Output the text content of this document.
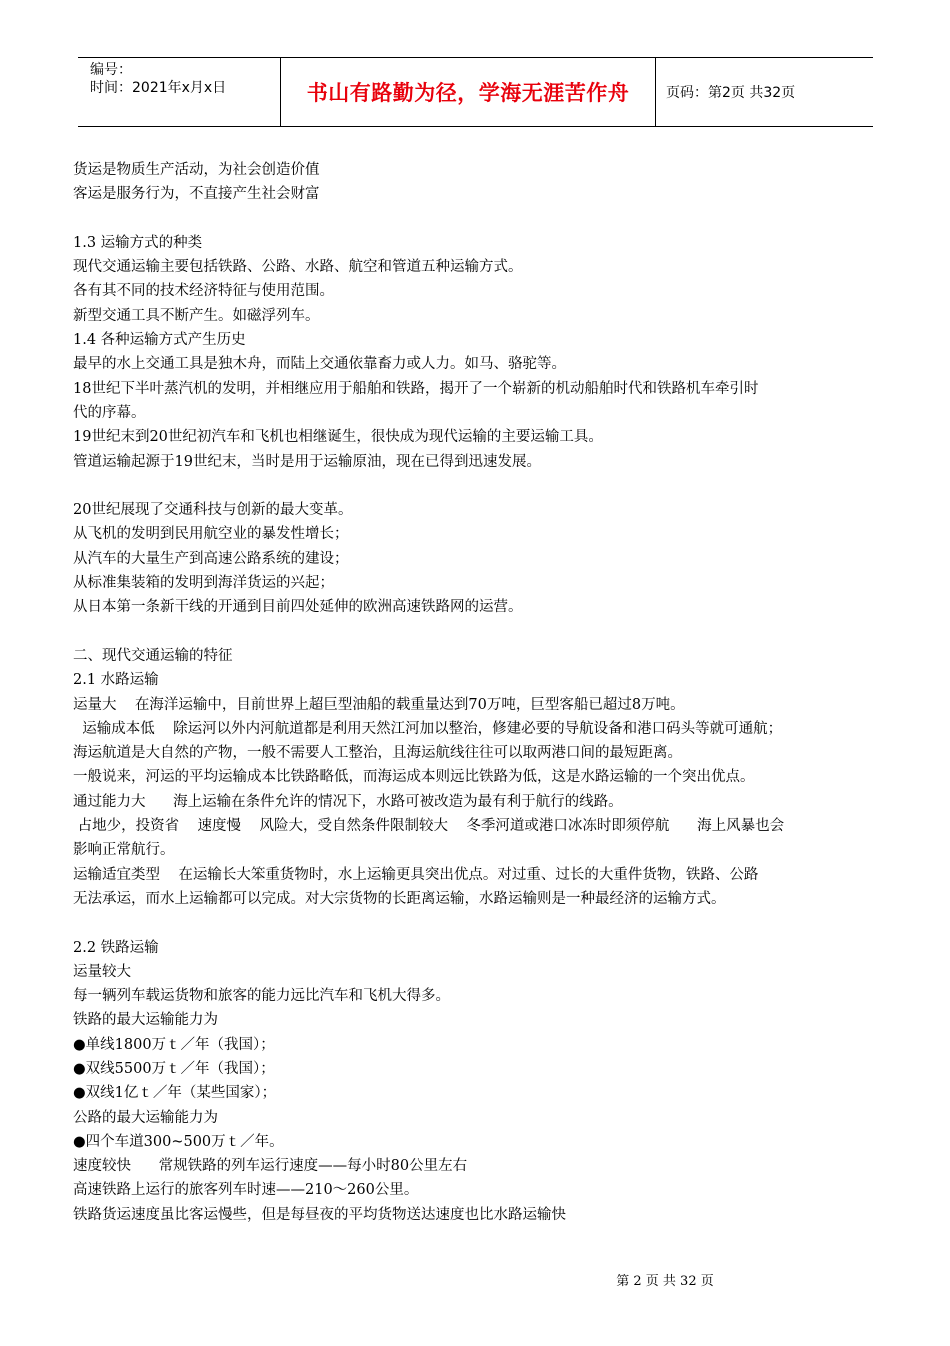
编号：
时间：2021年x月x日	书山有路勤为径，学海无涯苦作舟	页码：第2页 共32页

货运是物质生产活动，为社会创造价值

客运是服务行为，不直接产生社会财富

1.3 运输方式的种类

现代交通运输主要包括铁路、公路、水路、航空和管道五种运输方式。

各有其不同的技术经济特征与使用范围。

新型交通工具不断产生。如磁浮列车。

1.4 各种运输方式产生历史

最早的水上交通工具是独木舟，而陆上交通依靠畜力或人力。如马、骆驼等。

18世纪下半叶蒸汽机的发明，并相继应用于船舶和铁路，揭开了一个崭新的机动船舶时代和铁路机车牵引时

代的序幕。

19世纪末到20世纪初汽车和飞机也相继诞生，很快成为现代运输的主要运输工具。

管道运输起源于19世纪末，当时是用于运输原油，现在已得到迅速发展。

20世纪展现了交通科技与创新的最大变革。

从飞机的发明到民用航空业的暴发性增长；

从汽车的大量生产到高速公路系统的建设；

从标准集装箱的发明到海洋货运的兴起；

从日本第一条新干线的开通到目前四处延伸的欧洲高速铁路网的运营。

二、现代交通运输的特征

2.1 水路运输

运量大    在海洋运输中，目前世界上超巨型油船的载重量达到70万吨，巨型客船已超过8万吨。

运输成本低    除运河以外内河航道都是利用天然江河加以整治，修建必要的导航设备和港口码头等就可通航；

海运航道是大自然的产物，一般不需要人工整治，且海运航线往往可以取两港口间的最短距离。

一般说来，河运的平均运输成本比铁路略低，而海运成本则远比铁路为低，这是水路运输的一个突出优点。

通过能力大      海上运输在条件允许的情况下，水路可被改造为最有利于航行的线路。

占地少，投资省    速度慢    风险大，受自然条件限制较大    冬季河道或港口冰冻时即须停航      海上风暴也会

影响正常航行。

运输适宜类型    在运输长大笨重货物时，水上运输更具突出优点。对过重、过长的大重件货物，铁路、公路

无法承运，而水上运输都可以完成。对大宗货物的长距离运输，水路运输则是一种最经济的运输方式。

2.2 铁路运输

运量较大

每一辆列车载运货物和旅客的能力远比汽车和飞机大得多。

铁路的最大运输能力为

●单线1800万ｔ／年（我国）；

●双线5500万ｔ／年（我国）；

●双线1亿ｔ／年（某些国家）；

公路的最大运输能力为

●四个车道300~500万ｔ／年。

速度较快      常规铁路的列车运行速度——每小时80公里左右

高速铁路上运行的旅客列车时速——210～260公里。

铁路货运速度虽比客运慢些，但是每昼夜的平均货物送达速度也比水路运输快

第 2 页 共 32 页
